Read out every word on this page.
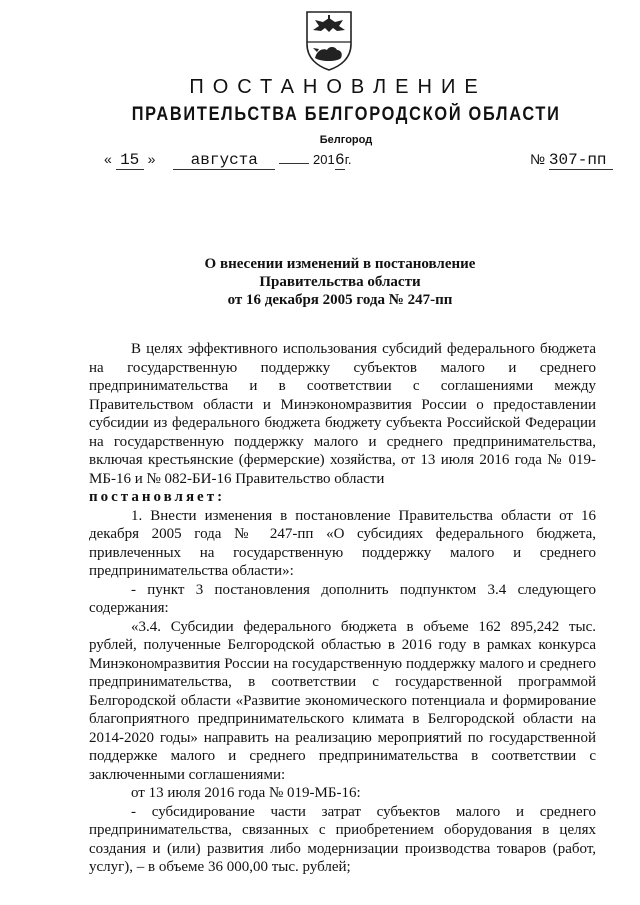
ПОСТАНОВЛЕНИЕ
ПРАВИТЕЛЬСТВА БЕЛГОРОДСКОЙ ОБЛАСТИ
Белгород
« 15 » августа	2016г.	№ 307-пп
О внесении изменений в постановление
Правительства области
от 16 декабря 2005 года № 247-пп

В целях эффективного использования субсидий федерального бюджета на государственную поддержку субъектов малого и среднего предпринимательства и в соответствии с соглашениями между Правительством области и Минэкономразвития России о предоставлении субсидии из федерального бюджета бюджету субъекта Российской Федерации на государственную поддержку малого и среднего предпринимательства, включая крестьянские (фермерские) хозяйства, от 13 июля 2016 года № 019-МБ-16 и № 082-БИ-16 Правительство области

постановляет:

1. Внести изменения в постановление Правительства области от 16 декабря 2005 года № 247-пп «О субсидиях федерального бюджета, привлеченных на государственную поддержку малого и среднего предпринимательства области»:

- пункт 3 постановления дополнить подпунктом 3.4 следующего содержания:

«3.4. Субсидии федерального бюджета в объеме 162 895,242 тыс. рублей, полученные Белгородской областью в 2016 году в рамках конкурса Минэкономразвития России на государственную поддержку малого и среднего предпринимательства, в соответствии с государственной программой Белгородской области «Развитие экономического потенциала и формирование благоприятного предпринимательского климата в Белгородской области на 2014-2020 годы» направить на реализацию мероприятий по государственной поддержке малого и среднего предпринимательства в соответствии с заключенными соглашениями:

от 13 июля 2016 года № 019-МБ-16:

- субсидирование части затрат субъектов малого и среднего предпринимательства, связанных с приобретением оборудования в целях создания и (или) развития либо модернизации производства товаров (работ, услуг), – в объеме 36 000,00 тыс. рублей;
